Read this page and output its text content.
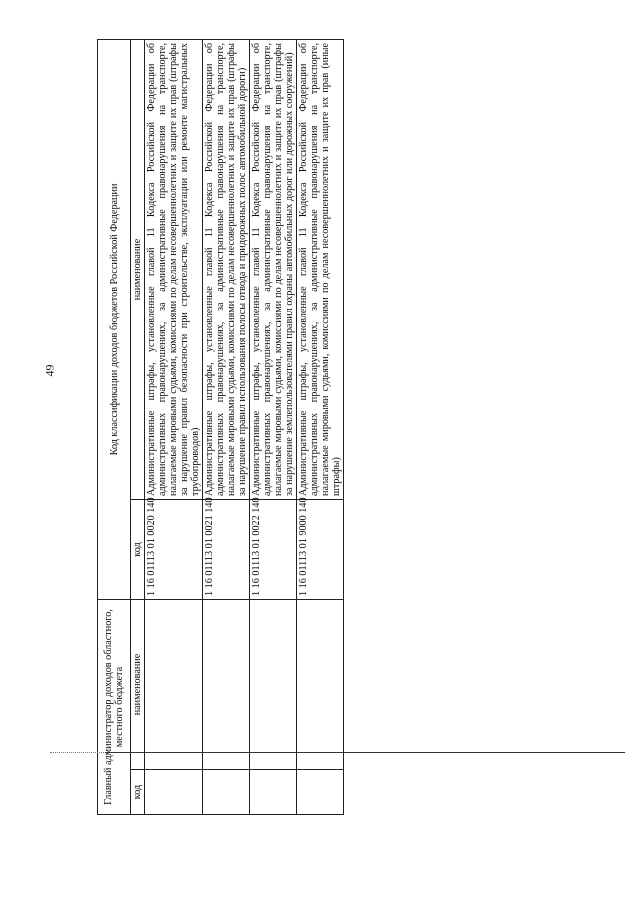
49
Главный администратор доходов областного, местного бюджета		Код классификации доходов бюджетов Российской Федерации	
код	наименование	код	наименование
		1 16 01113 01 0020 140	Административные штрафы, установленные главой 11 Кодекса Российской Федерации об административных правонарушениях, за административные правонарушения на транспорте, налагаемые мировыми судьями, комиссиями по делам несовершеннолетних и защите их прав (штрафы за нарушение правил безопасности при строительстве, эксплуатации или ремонте магистральных трубопроводов)
		1 16 01113 01 0021 140	Административные штрафы, установленные главой 11 Кодекса Российской Федерации об административных правонарушениях, за административные правонарушения на транспорте, налагаемые мировыми судьями, комиссиями по делам несовершеннолетних и защите их прав (штрафы за нарушение правил использования полосы отвода и придорожных полос автомобильной дороги)
		1 16 01113 01 0022 140	Административные штрафы, установленные главой 11 Кодекса Российской Федерации об административных правонарушениях, за административные правонарушения на транспорте, налагаемые мировыми судьями, комиссиями по делам несовершеннолетних и защите их прав (штрафы за нарушение землепользователями правил охраны автомобильных дорог или дорожных сооружений)
		1 16 01113 01 9000 140	Административные штрафы, установленные главой 11 Кодекса Российской Федерации об административных правонарушениях, за административные правонарушения на транспорте, налагаемые мировыми судьями, комиссиями по делам несовершеннолетних и защите их прав (иные штрафы)
